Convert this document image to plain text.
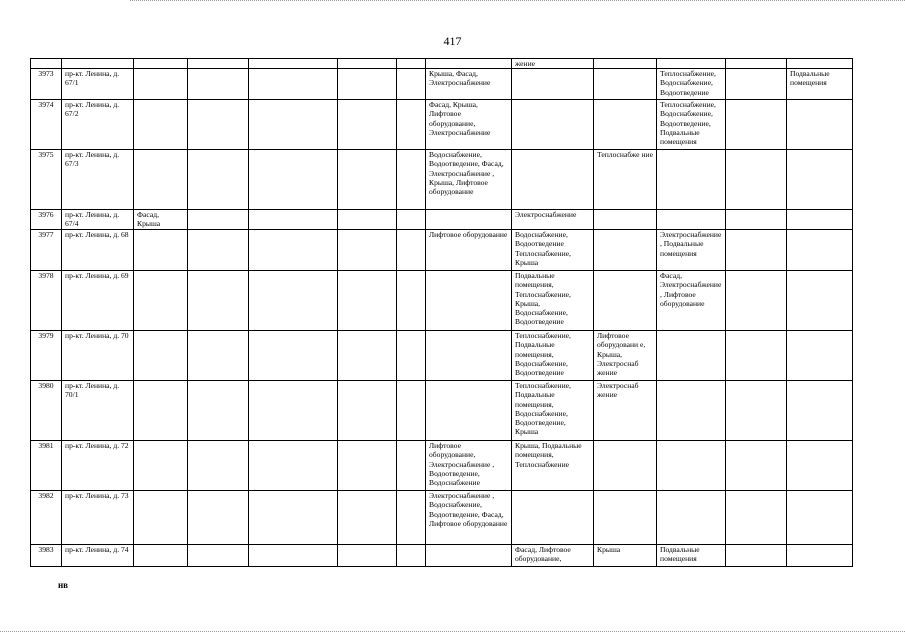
417
								жение				
3973	пр-кт. Ленина, д. 67/1						Крыша, Фасад, Электроснабжение			Теплоснабжение, Водоснабжение, Водоотведение		Подвальные помещения
3974	пр-кт. Ленина, д. 67/2						Фасад, Крыша, Лифтовое оборудование, Электроснабжение			Теплоснабжение, Водоснабжение, Водоотведение, Подвальные помещения		
3975	пр-кт. Ленина, д. 67/3						Водоснабжение, Водоотведение, Фасад, Электроснабжение , Крыша, Лифтовое оборудование		Теплоснабже ние			
3976	пр-кт. Ленина, д. 67/4	Фасад, Крыша						Электроснабжение				
3977	пр-кт. Ленина, д. 68						Лифтовое оборудование	Водоснабжение, Водоотведение Теплоснабжение, Крыша		Электроснабжение, Подвальные помещения		
3978	пр-кт. Ленина, д. 69							Подвальные помещения, Теплоснабжение, Крыша, Водоснабжение, Водоотведение		Фасад, Электроснабжение, Лифтовое оборудование		
3979	пр-кт. Ленина, д. 70							Теплоснабжение, Подвальные помещения, Водоснабжение, Водоотведение	Лифтовое оборудовани е, Крыша, Электроснаб жение			
3980	пр-кт. Ленина, д. 70/1							Теплоснабжение, Подвальные помещения, Водоснабжение, Водоотведение, Крыша	Электроснаб жение			
3981	пр-кт. Ленина, д. 72						Лифтовое оборудование, Электроснабжение , Водоотведение, Водоснабжение	Крыша, Подвальные помещения, Теплоснабжение				
3982	пр-кт. Ленина, д. 73						Электроснабжение , Водоснабжение, Водоотведение, Фасад, Лифтовое оборудование					
3983	пр-кт. Ленина, д. 74							Фасад, Лифтовое оборудование,	Крыша	Подвальные помещения		
нв
